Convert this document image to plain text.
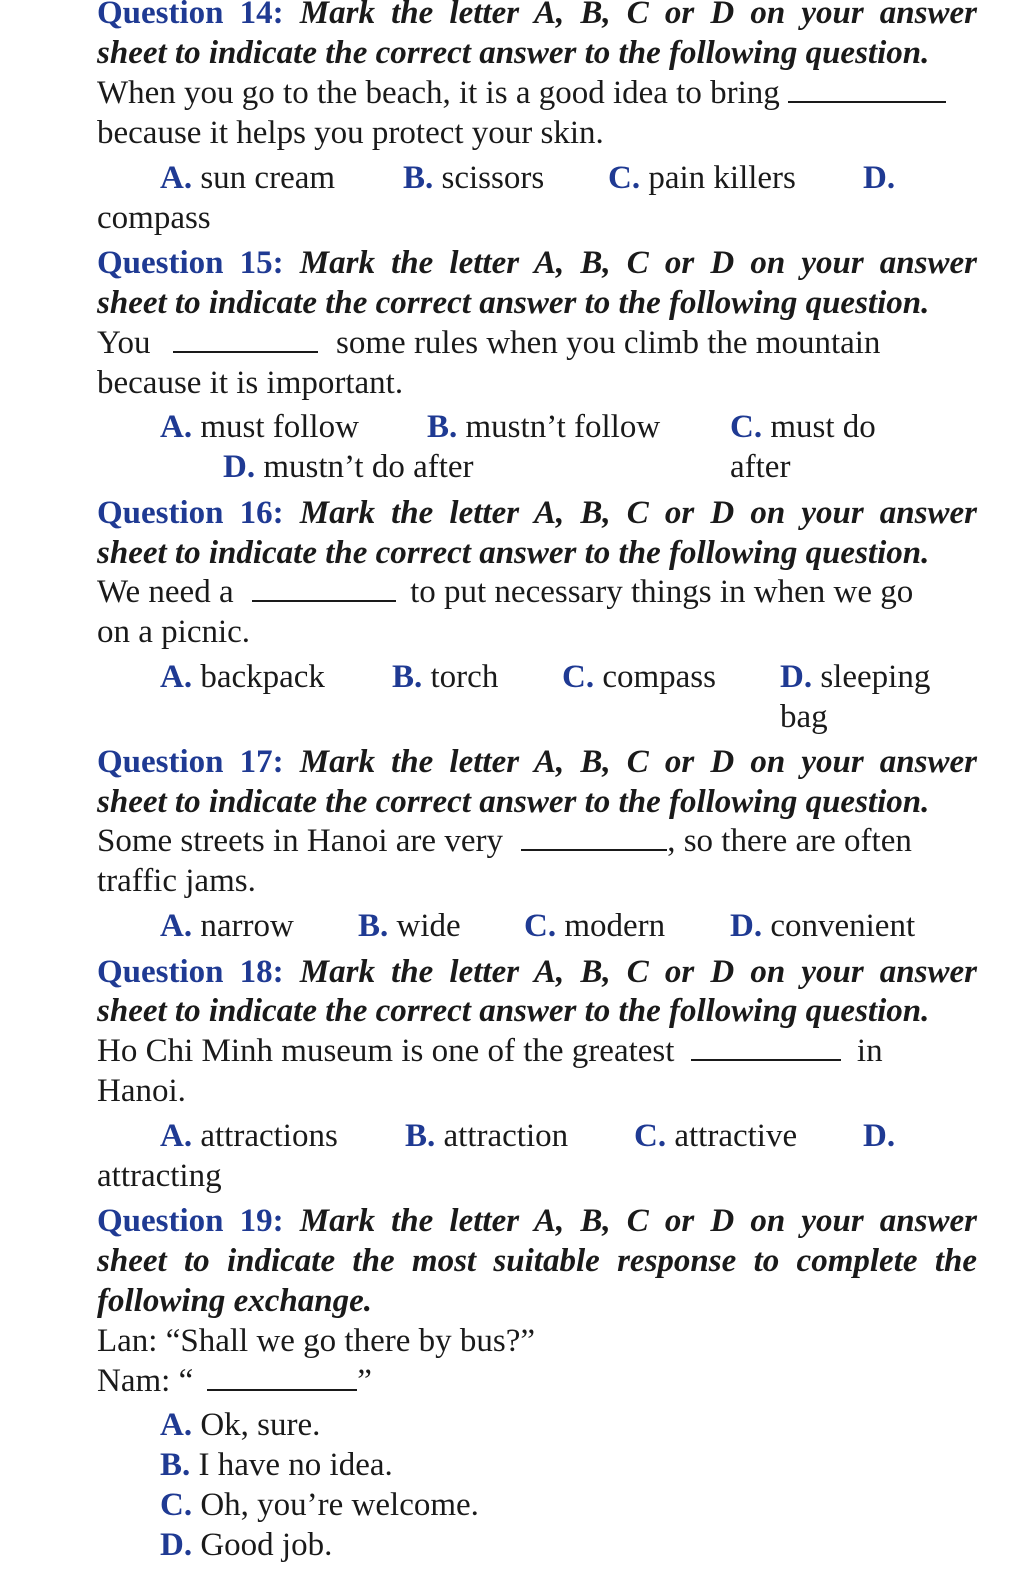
Question 14: Mark the letter A, B, C or D on your answer
sheet to indicate the correct answer to the following question.
When you go to the beach, it is a good idea to bring
because it helps you protect your skin.
A. sun cream B. scissors C. pain killers D.
compass
Question 15: Mark the letter A, B, C or D on your answer
sheet to indicate the correct answer to the following question.
You	some rules when you climb the mountain
because it is important.
A. must follow B. mustn’t follow C. must do after
D. mustn’t do after
Question 16: Mark the letter A, B, C or D on your answer
sheet to indicate the correct answer to the following question.
We need a	to put necessary things in when we go
on a picnic.
A. backpack B. torch C. compass D. sleeping bag
Question 17: Mark the letter A, B, C or D on your answer
sheet to indicate the correct answer to the following question.
Some streets in Hanoi are very	, so there are often
traffic jams.
A. narrow B. wide C. modern D. convenient
Question 18: Mark the letter A, B, C or D on your answer
sheet to indicate the correct answer to the following question.
Ho Chi Minh museum is one of the greatest	in
Hanoi.
A. attractions B. attraction C. attractive D.
attracting
Question 19: Mark the letter A, B, C or D on your answer
sheet to indicate the most suitable response to complete the
following exchange.
Lan: “Shall we go there by bus?”
Nam: “	”
A. Ok, sure.
B. I have no idea.
C. Oh, you’re welcome.
D. Good job.
